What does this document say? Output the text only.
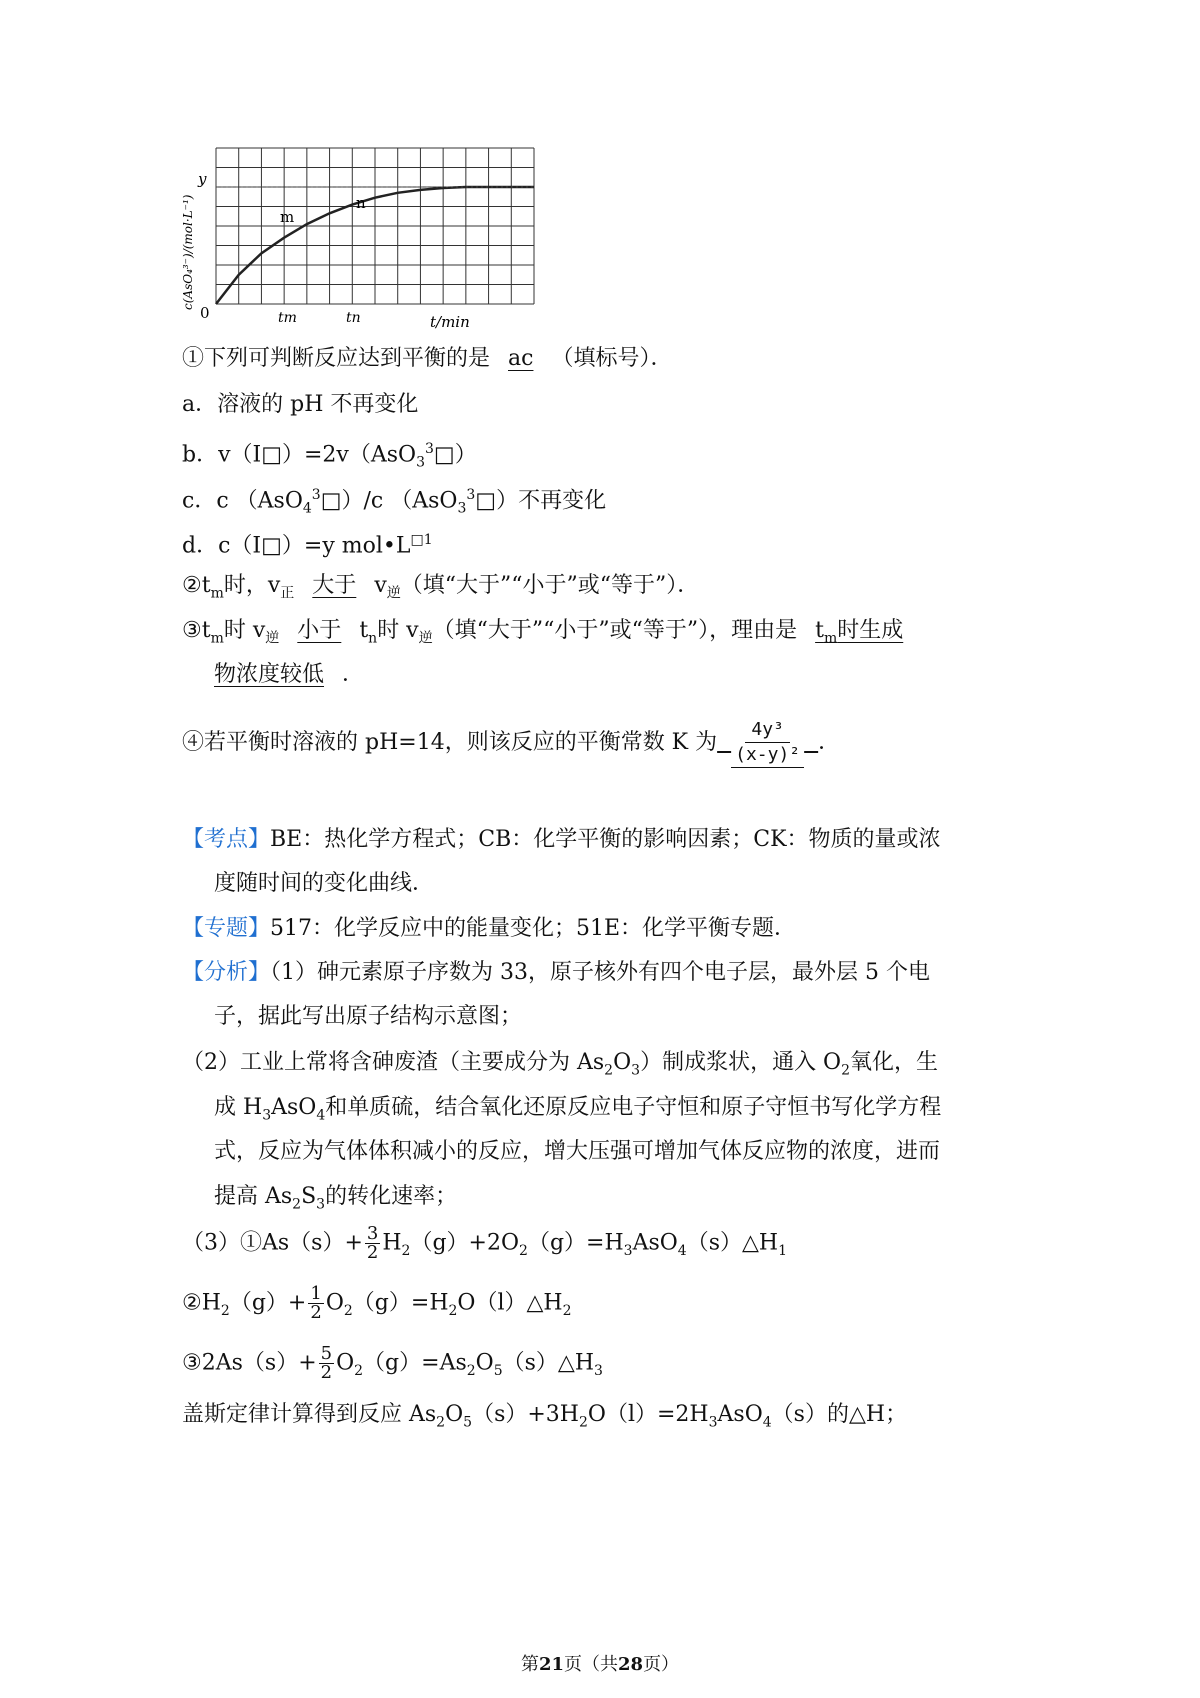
c(AsO₄³⁻)/(mol·L⁻¹)
y
0	tm	tn	t/min
m
n
①下列可判断反应达到平衡的是 ac （填标号）．
a．溶液的 pH 不再变化
b．v（I□）=2v（AsO$_3^3$□）
c．c （AsO$_4^3$□）/c （AsO$_3^3$□）不再变化
d．c（I□）=y $mol•L^{□1}$
$②t_m$时，$v_正$ 大于 $v_逆$（填“大于”“小于”或“等于”）．
$③t_m$时 $v_逆$ 小于 $t_n$时 $v_逆$（填“大于”“小于”或“等于”），理由是 $t_m$时生成
物浓度较低 ．
④若平衡时溶液的 pH=14，则该反应的平衡常数 K 为 $\frac{\text{4y³}}{\text{(x-y)²}}$ ．
【考点】BE：热化学方程式；CB：化学平衡的影响因素；CK：物质的量或浓
度随时间的变化曲线．
【专题】517：化学反应中的能量变化；51E：化学平衡专题．
【分析】（1）砷元素原子序数为 33，原子核外有四个电子层，最外层 5 个电
子，据此写出原子结构示意图；
（2）工业上常将含砷废渣（主要成分为 $As_2O_3$）制成浆状，通入 $O_2$氧化，生
成 $H_3AsO_4$和单质硫，结合氧化还原反应电子守恒和原子守恒书写化学方程
式，反应为气体体积减小的反应，增大压强可增加气体反应物的浓度，进而
提高 $As_2S_3$的转化速率；
（3）①As（s）+ $\frac{3}{2}$ $H_2(g)+2O_2(g)=H_3AsO_4(s)\triangle H_1$
$②H_2(g)+ \frac{1}{2}$ $O_2(g)=H_2O(l)\triangle H_2$
③2As（s）+ $\frac{5}{2}$ $O_2(g)=As_2O_5(s)\triangle H_3$
盖斯定律计算得到反应 $As_2O_5(s)+3H_2O(l)=2H_3AsO_4(s)$的△H；
第21页（共28页）
